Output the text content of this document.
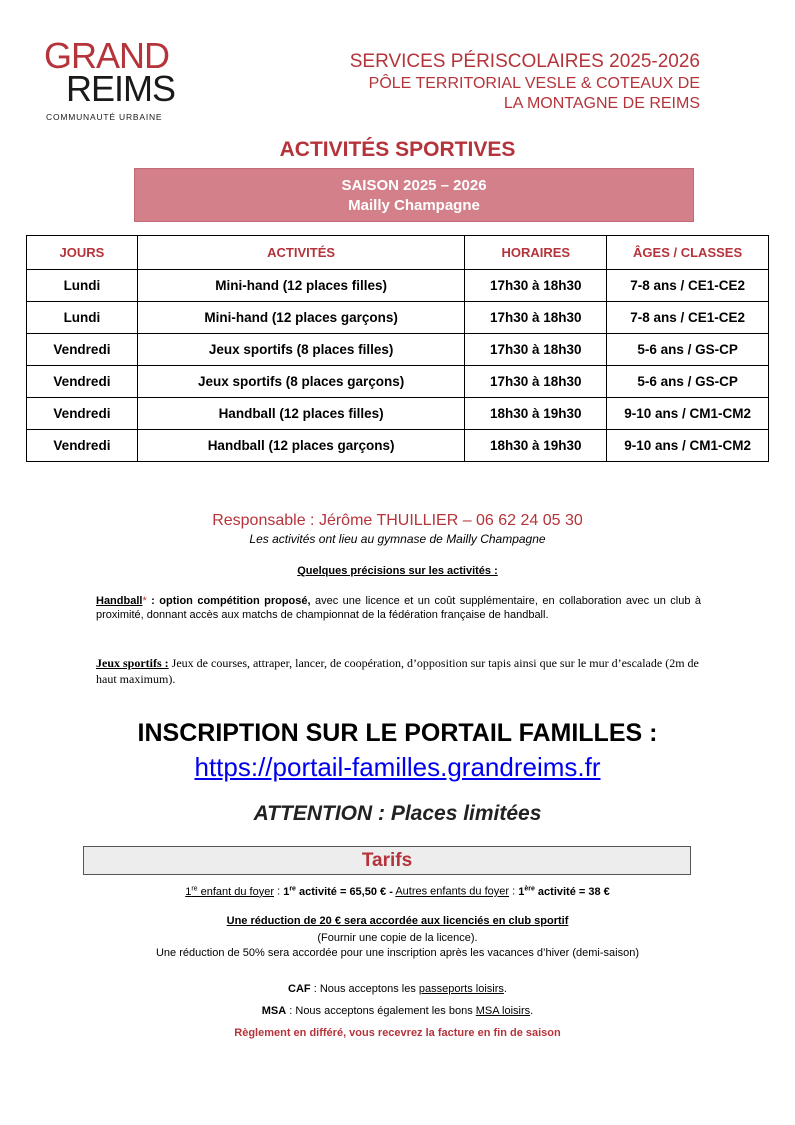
GRAND
REIMS
COMMUNAUTÉ URBAINE
SERVICES PÉRISCOLAIRES 2025-2026
PÔLE TERRITORIAL VESLE & COTEAUX DE
LA MONTAGNE DE REIMS
ACTIVITÉS SPORTIVES
SAISON 2025 – 2026
Mailly Champagne
JOURS	ACTIVITÉS	HORAIRES	ÂGES / CLASSES
Lundi	Mini-hand (12 places filles)	17h30 à 18h30	7-8 ans / CE1-CE2
Lundi	Mini-hand (12 places garçons)	17h30 à 18h30	7-8 ans / CE1-CE2
Vendredi	Jeux sportifs (8 places filles)	17h30 à 18h30	5-6 ans / GS-CP
Vendredi	Jeux sportifs (8 places garçons)	17h30 à 18h30	5-6 ans / GS-CP
Vendredi	Handball (12 places filles)	18h30 à 19h30	9-10 ans / CM1-CM2
Vendredi	Handball (12 places garçons)	18h30 à 19h30	9-10 ans / CM1-CM2
Responsable : Jérôme THUILLIER – 06 62 24 05 30
Les activités ont lieu au gymnase de Mailly Champagne
Quelques précisions sur les activités :
Handball* : option compétition proposé, avec une licence et un coût supplémentaire, en collaboration avec un club à proximité, donnant accès aux matchs de championnat de la fédération française de handball.
Jeux sportifs : Jeux de courses, attraper, lancer, de coopération, d’opposition sur tapis ainsi que sur le mur d’escalade (2m de haut maximum).
INSCRIPTION SUR LE PORTAIL FAMILLES :
https://portail-familles.grandreims.fr
ATTENTION : Places limitées
Tarifs
1re enfant du foyer : 1re activité = 65,50 € - Autres enfants du foyer : 1ère activité = 38 €
Une réduction de 20 € sera accordée aux licenciés en club sportif
(Fournir une copie de la licence).
Une réduction de 50% sera accordée pour une inscription après les vacances d’hiver (demi-saison)
CAF : Nous acceptons les passeports loisirs.
MSA : Nous acceptons également les bons MSA loisirs.
Règlement en différé, vous recevrez la facture en fin de saison
